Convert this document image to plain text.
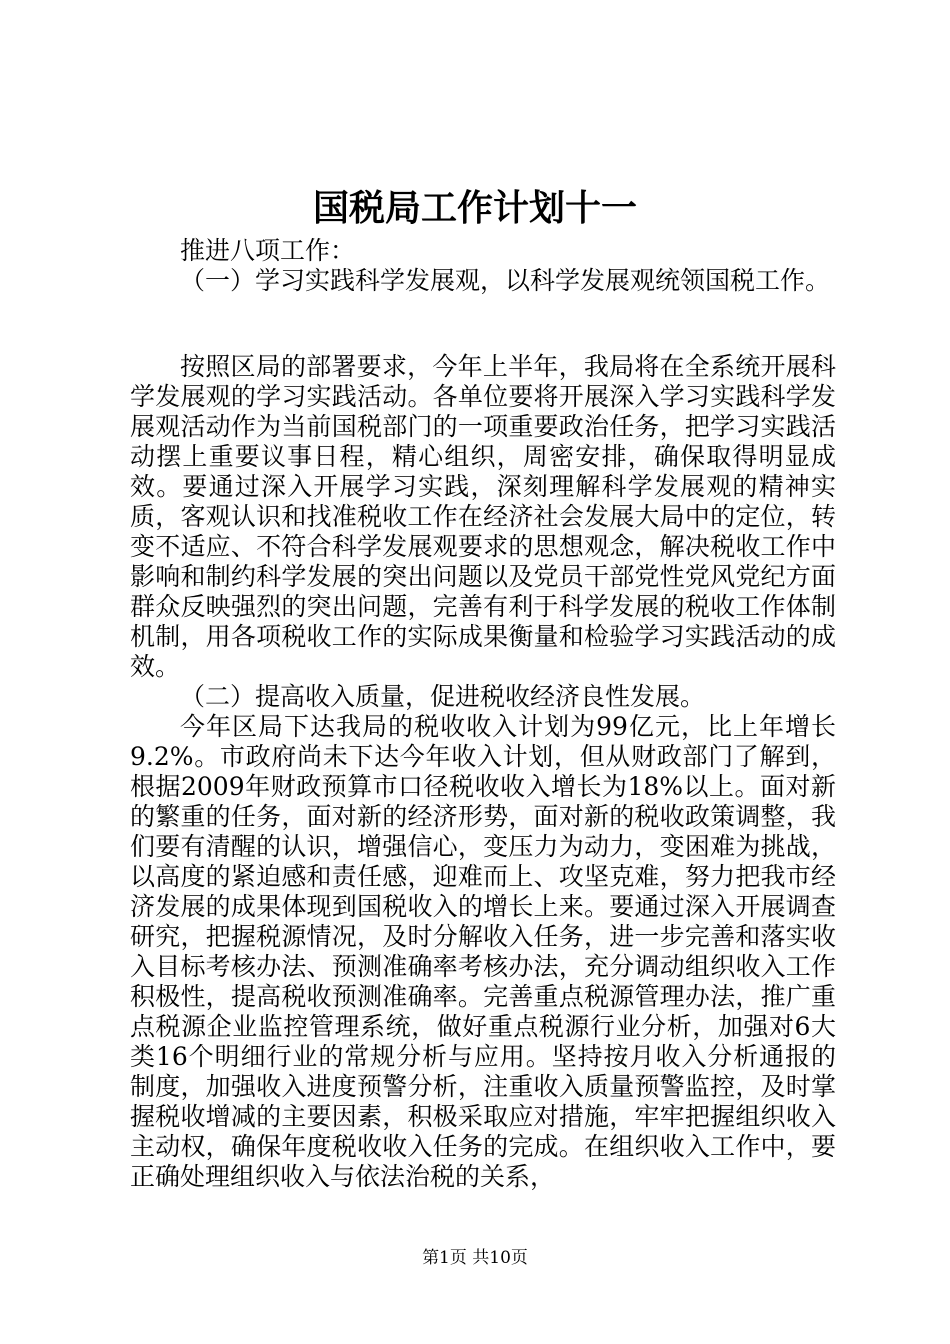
国税局工作计划十一

推进八项工作：

（一）学习实践科学发展观，以科学发展观统领国税工作。

按照区局的部署要求，今年上半年，我局将在全系统开展科学发展观的学习实践活动。各单位要将开展深入学习实践科学发展观活动作为当前国税部门的一项重要政治任务，把学习实践活动摆上重要议事日程，精心组织，周密安排，确保取得明显成效。要通过深入开展学习实践，深刻理解科学发展观的精神实质，客观认识和找准税收工作在经济社会发展大局中的定位，转变不适应、不符合科学发展观要求的思想观念，解决税收工作中影响和制约科学发展的突出问题以及党员干部党性党风党纪方面群众反映强烈的突出问题，完善有利于科学发展的税收工作体制机制，用各项税收工作的实际成果衡量和检验学习实践活动的成效。

（二）提高收入质量，促进税收经济良性发展。

今年区局下达我局的税收收入计划为99亿元，比上年增长9.2%。市政府尚未下达今年收入计划，但从财政部门了解到，根据2009年财政预算市口径税收收入增长为18%以上。面对新的繁重的任务，面对新的经济形势，面对新的税收政策调整，我们要有清醒的认识，增强信心，变压力为动力，变困难为挑战，以高度的紧迫感和责任感，迎难而上、攻坚克难，努力把我市经济发展的成果体现到国税收入的增长上来。要通过深入开展调查研究，把握税源情况，及时分解收入任务，进一步完善和落实收入目标考核办法、预测准确率考核办法，充分调动组织收入工作积极性，提高税收预测准确率。完善重点税源管理办法，推广重点税源企业监控管理系统，做好重点税源行业分析，加强对6大类16个明细行业的常规分析与应用。坚持按月收入分析通报的制度，加强收入进度预警分析，注重收入质量预警监控，及时掌握税收增减的主要因素，积极采取应对措施，牢牢把握组织收入主动权，确保年度税收收入任务的完成。在组织收入工作中，要正确处理组织收入与依法治税的关系，

第1页 共10页
